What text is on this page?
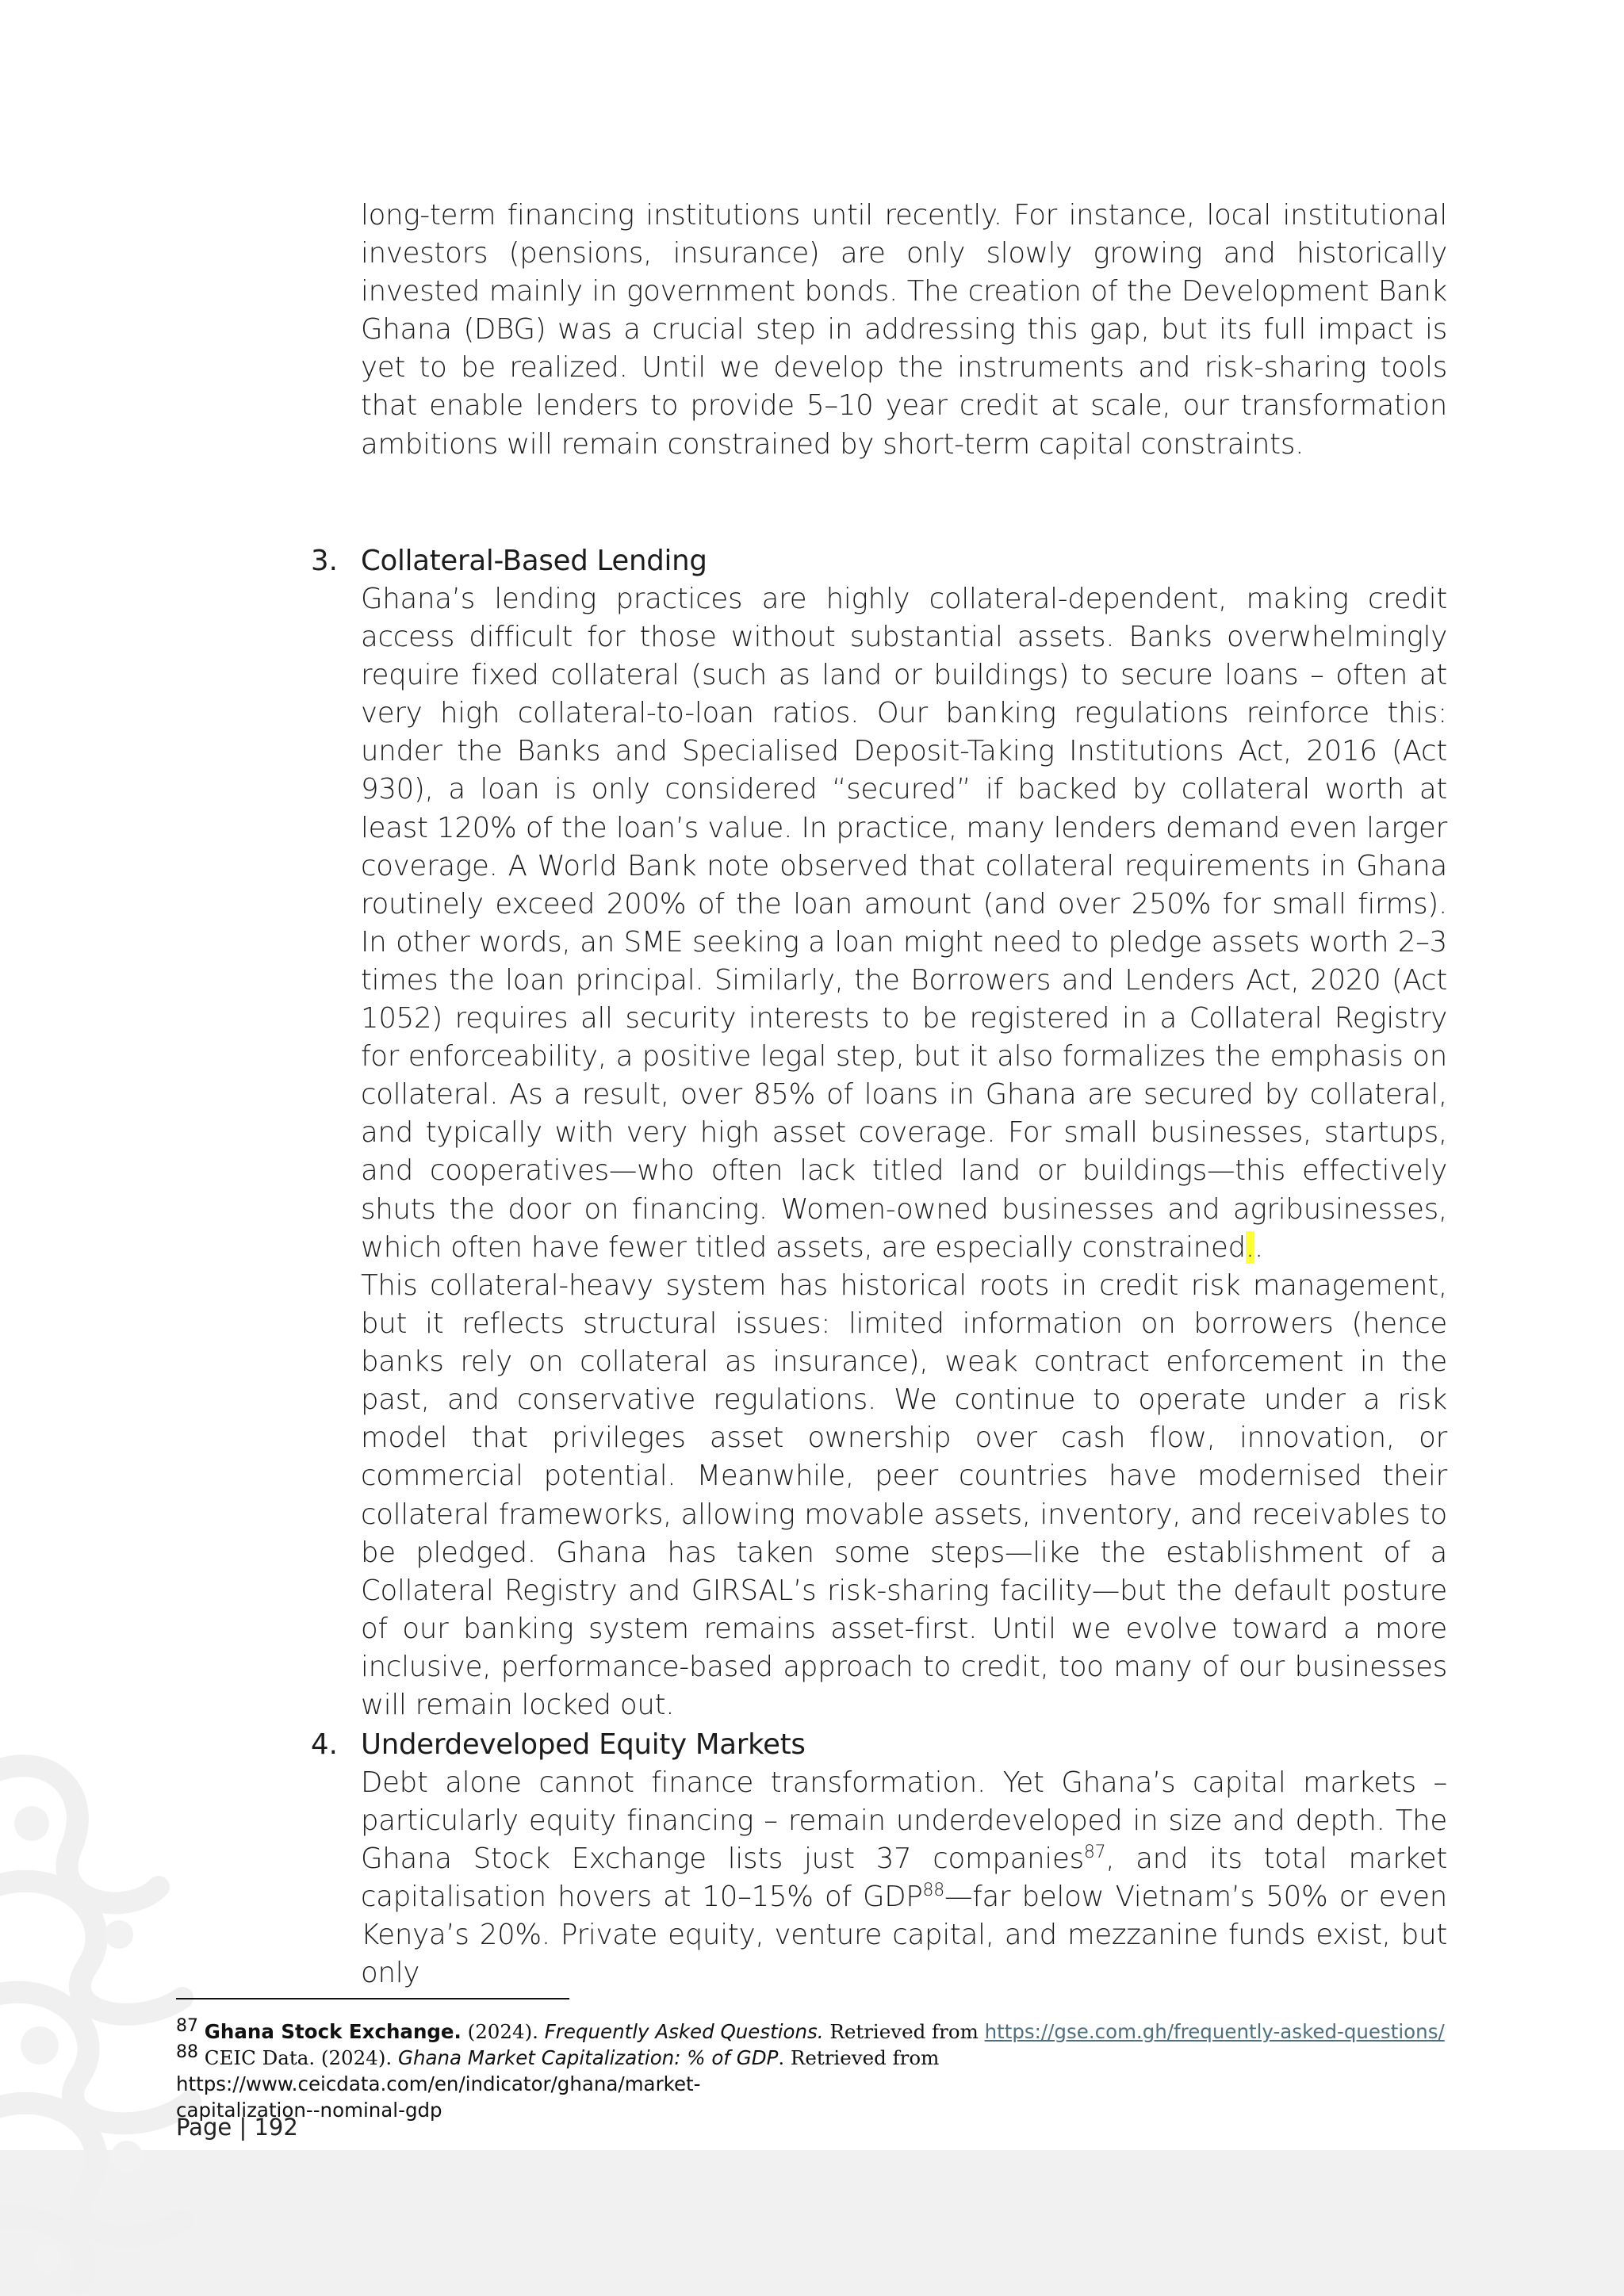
long-term financing institutions until recently. For instance, local institutional investors (pensions, insurance) are only slowly growing and historically invested mainly in government bonds. The creation of the Development Bank Ghana (DBG) was a crucial step in addressing this gap, but its full impact is yet to be realized. Until we develop the instruments and risk-sharing tools that enable lenders to provide 5–10 year credit at scale, our transformation ambitions will remain constrained by short-term capital constraints.

3. Collateral-Based Lending

Ghana’s lending practices are highly collateral-dependent, making credit access difficult for those without substantial assets. Banks overwhelmingly require fixed collateral (such as land or buildings) to secure loans – often at very high collateral-to-loan ratios. Our banking regulations reinforce this: under the Banks and Specialised Deposit-Taking Institutions Act, 2016 (Act 930), a loan is only considered “secured” if backed by collateral worth at least 120% of the loan’s value. In practice, many lenders demand even larger coverage. A World Bank note observed that collateral requirements in Ghana routinely exceed 200% of the loan amount (and over 250% for small firms). In other words, an SME seeking a loan might need to pledge assets worth 2–3 times the loan principal. Similarly, the Borrowers and Lenders Act, 2020 (Act 1052) requires all security interests to be registered in a Collateral Registry for enforceability, a positive legal step, but it also formalizes the emphasis on collateral. As a result, over 85% of loans in Ghana are secured by collateral, and typically with very high asset coverage. For small businesses, startups, and cooperatives—who often lack titled land or buildings—this effectively shuts the door on financing. Women-owned businesses and agribusinesses, which often have fewer titled assets, are especially constrained..

This collateral-heavy system has historical roots in credit risk management, but it reflects structural issues: limited information on borrowers (hence banks rely on collateral as insurance), weak contract enforcement in the past, and conservative regulations. We continue to operate under a risk model that privileges asset ownership over cash flow, innovation, or commercial potential. Meanwhile, peer countries have modernised their collateral frameworks, allowing movable assets, inventory, and receivables to be pledged. Ghana has taken some steps—like the establishment of a Collateral Registry and GIRSAL’s risk-sharing facility—but the default posture of our banking system remains asset-first. Until we evolve toward a more inclusive, performance-based approach to credit, too many of our businesses will remain locked out.

4. Underdeveloped Equity Markets

Debt alone cannot finance transformation. Yet Ghana’s capital markets – particularly equity financing – remain underdeveloped in size and depth. The Ghana Stock Exchange lists just 37 companies$^{87}$, and its total market capitalisation hovers at 10–15% of GDP$^{88}$—far below Vietnam’s 50% or even Kenya’s 20%. Private equity, venture capital, and mezzanine funds exist, but only

$^{87}$ Ghana Stock Exchange. (2024). Frequently Asked Questions. Retrieved from https://gse.com.gh/frequently-asked-questions/

$^{88}$ CEIC Data. (2024). Ghana Market Capitalization: % of GDP. Retrieved from https://www.ceicdata.com/en/indicator/ghana/market-
capitalization--nominal-gdp

Page | 192
